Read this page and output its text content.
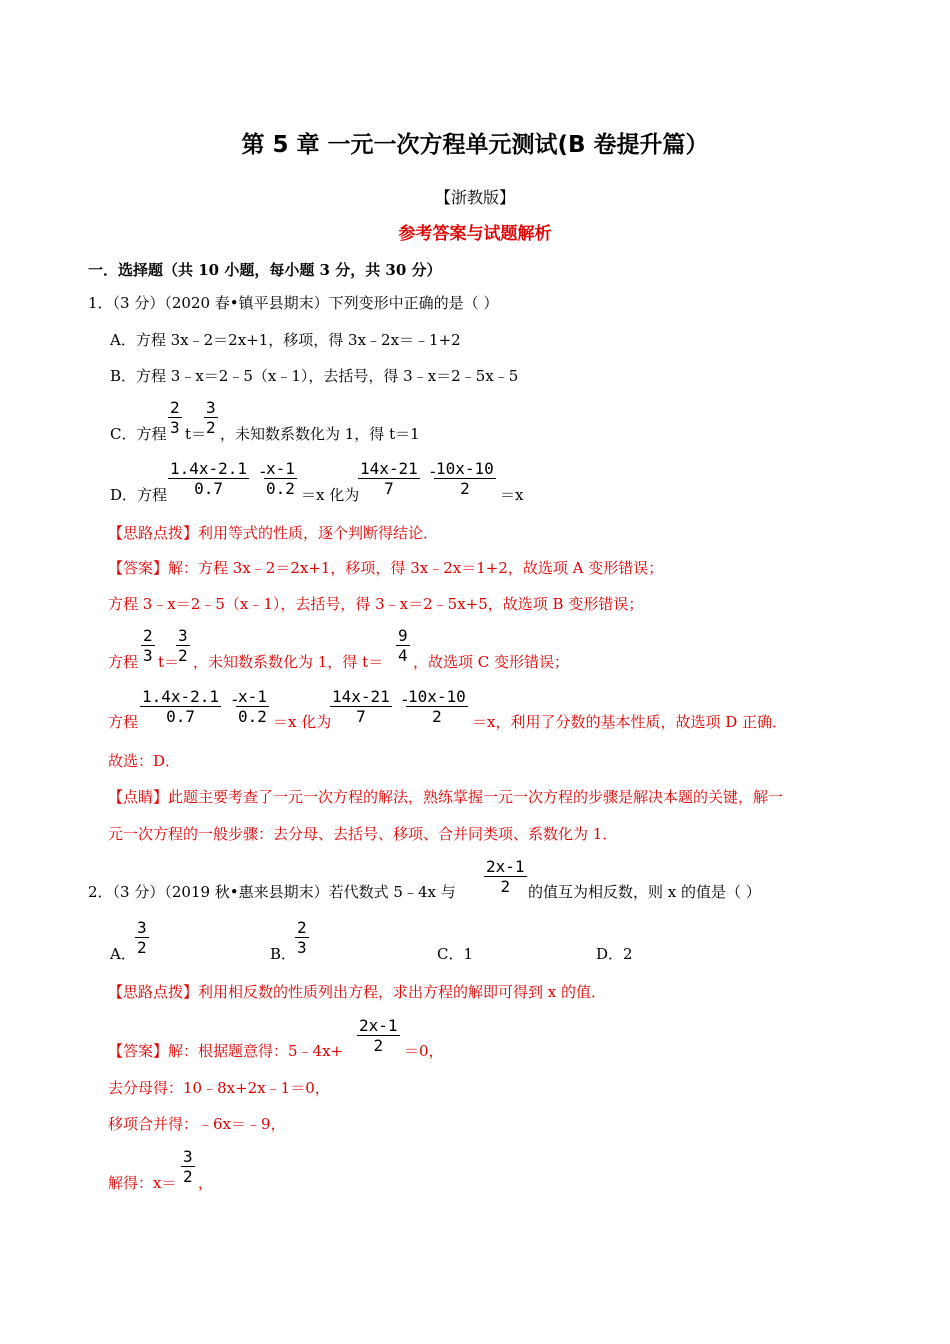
第 5 章 一元一次方程单元测试(B 卷提升篇）
【浙教版】
参考答案与试题解析
一．选择题（共 10 小题，每小题 3 分，共 30 分）
1．（3 分）（2020 春•镇平县期末）下列变形中正确的是（ ）
A．方程 3x﹣2＝2x+1，移项，得 3x﹣2x＝﹣1+2
B．方程 3﹣x＝2﹣5（x﹣1），去括号，得 3﹣x＝2﹣5x﹣5
C．方程 $\frac{2}{3} t=$
$\frac{3}{2}$ ，未知数系数化为 1，得 t＝1
D．方程 $\frac{1.4x-2.1}{0.7}$ -
$\frac{x-1}{0.2} =x$ 化为
$\frac{14x-21}{7}$ -
$\frac{10x-10}{2} =x$
【思路点拨】利用等式的性质，逐个判断得结论．
【答案】解：方程 3x﹣2＝2x+1，移项，得 3x﹣2x＝1+2，故选项 A 变形错误；
方程 3﹣x＝2﹣5（x﹣1），去括号，得 3﹣x＝2﹣5x+5，故选项 B 变形错误；
方程 $\frac{2}{3} t=$
$\frac{3}{2}$ ，未知数系数化为 1，得 $t= \frac{9}{4}$ ，故选项 C 变形错误；
方程 $\frac{1.4x-2.1}{0.7}$ -
$\frac{x-1}{0.2} =x$ 化为
$\frac{14x-21}{7}$ -
$\frac{10x-10}{2} =x$，利用了分数的基本性质，故选项 D 正确．
故选：D．
【点睛】此题主要考查了一元一次方程的解法，熟练掌握一元一次方程的步骤是解决本题的关键，解一
元一次方程的一般步骤：去分母、去括号、移项、合并同类项、系数化为 1．
2．（3 分）（2019 秋•惠来县期末）若代数式 5﹣4x 与 $\frac{2x-1}{2}$ 的值互为相反数，则 x 的值是（ ）
A． $\frac{3}{2}$	B．
$\frac{2}{3}$	C．1	D．2
【思路点拨】利用相反数的性质列出方程，求出方程的解即可得到 x 的值．
【答案】解：根据题意得：5﹣4x+ $\frac{2x-1}{2} =0$，
去分母得：10﹣8x+2x﹣1＝0，
移项合并得：﹣6x＝﹣9，
解得：$x= \frac{3}{2}$ ，
